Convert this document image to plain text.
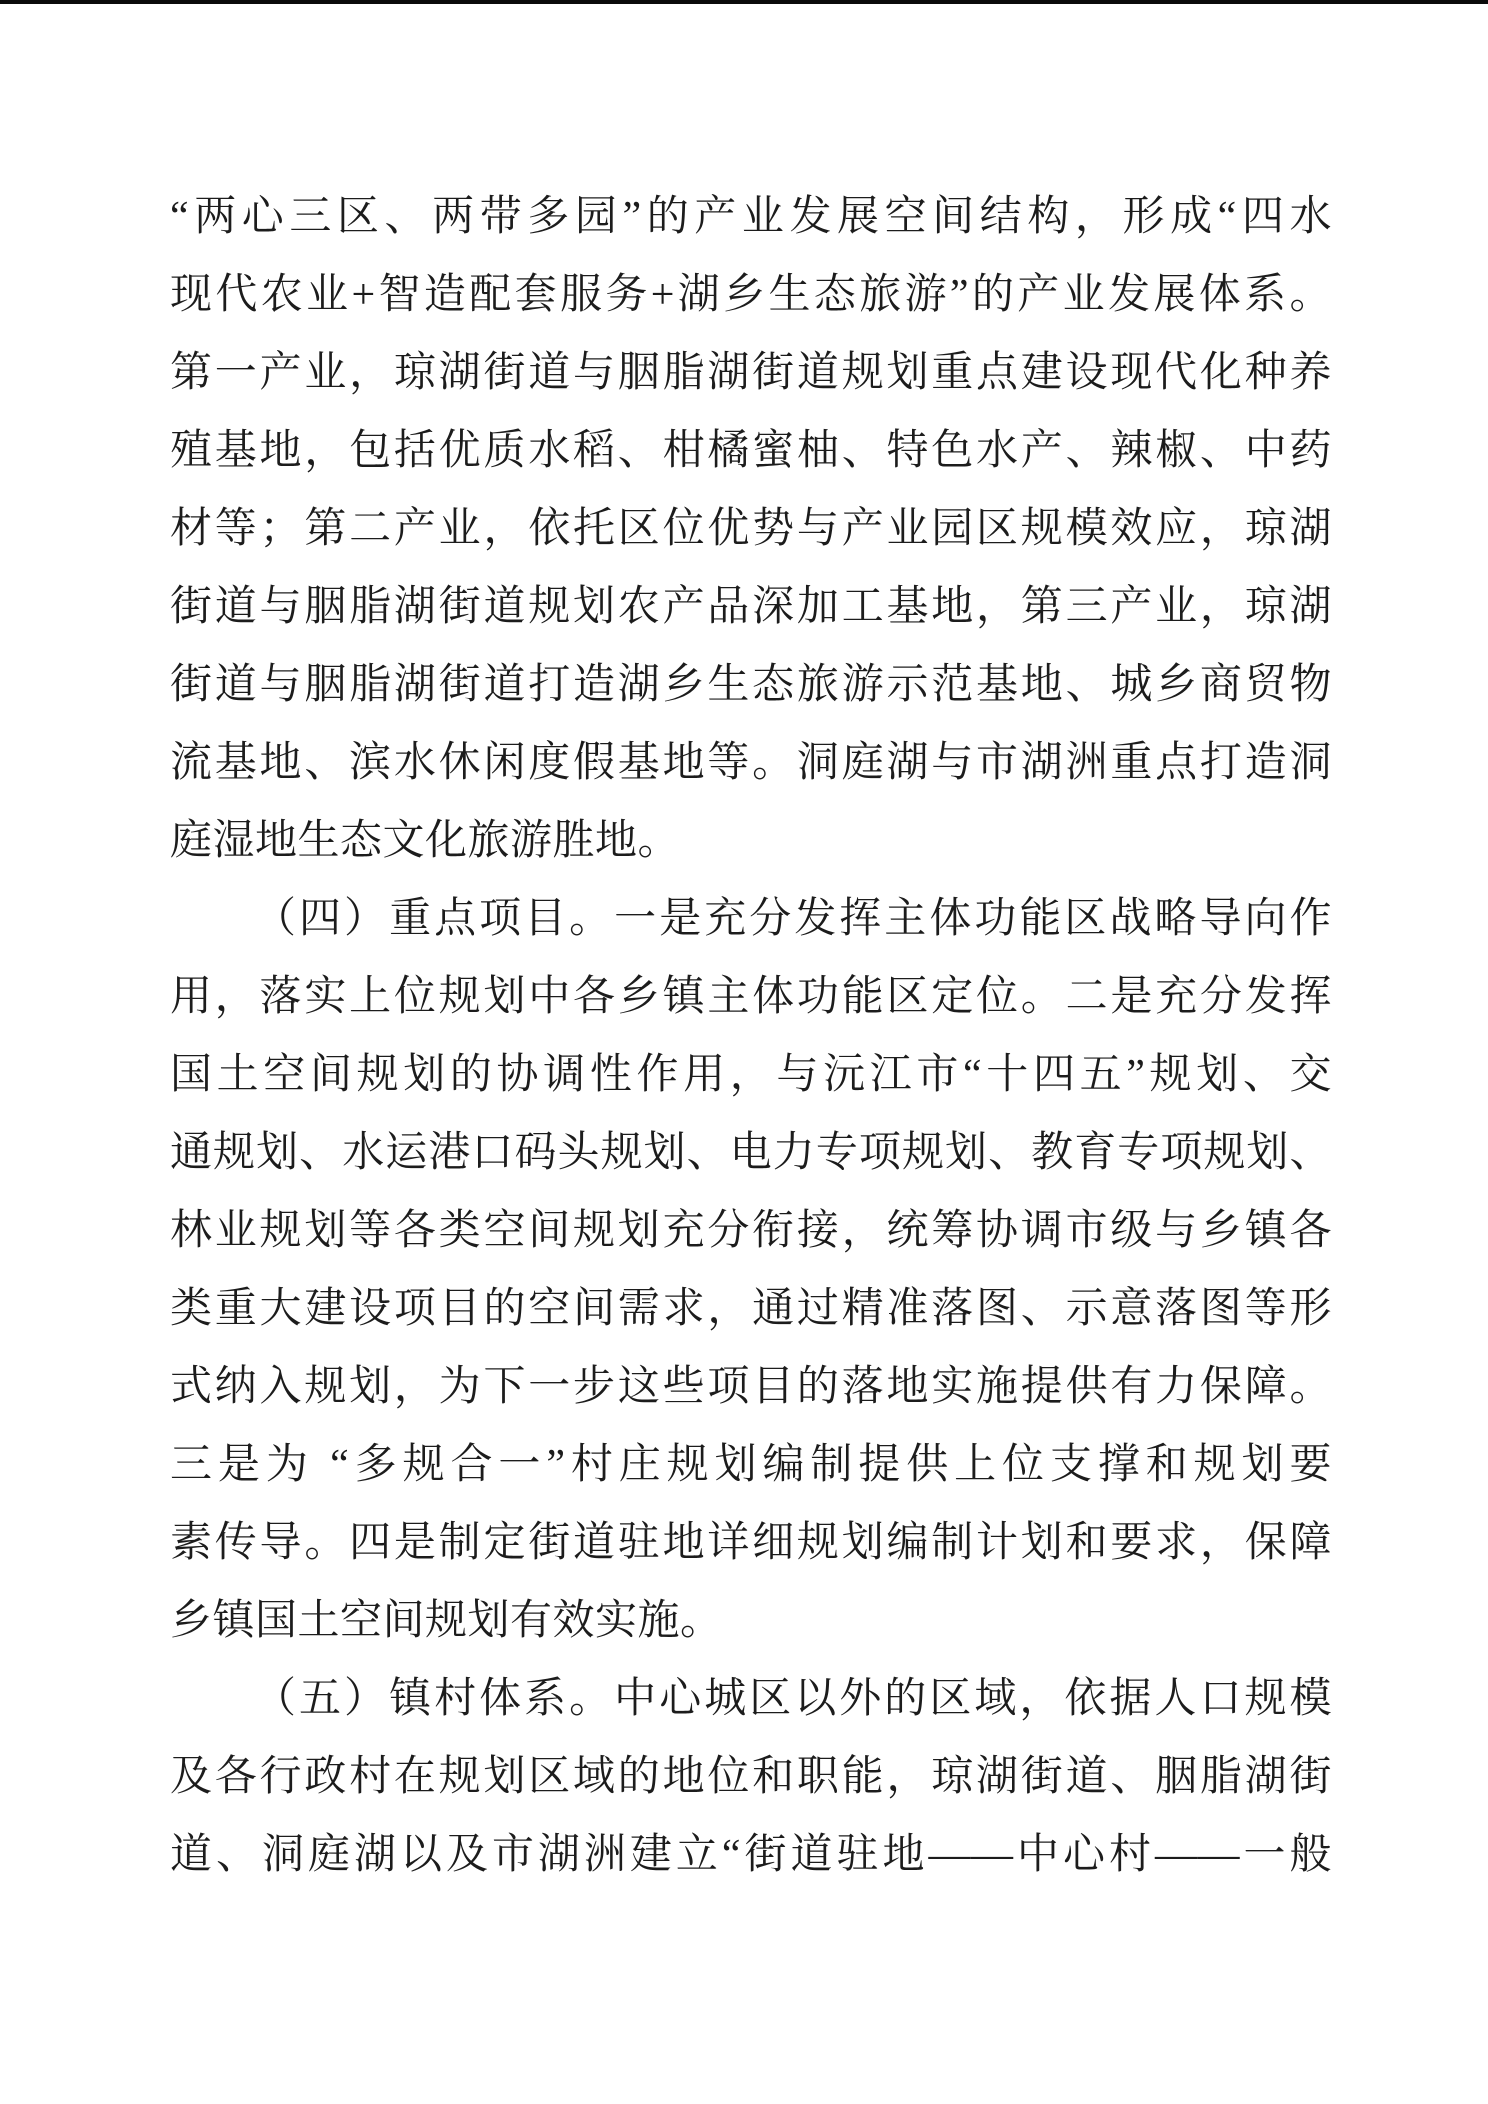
“两心三区、两带多园”的产业发展空间结构，形成“四水
现代农业+智造配套服务+湖乡生态旅游”的产业发展体系。
第一产业，琼湖街道与胭脂湖街道规划重点建设现代化种养
殖基地，包括优质水稻、柑橘蜜柚、特色水产、辣椒、中药
材等；第二产业，依托区位优势与产业园区规模效应，琼湖
街道与胭脂湖街道规划农产品深加工基地，第三产业，琼湖
街道与胭脂湖街道打造湖乡生态旅游示范基地、城乡商贸物
流基地、滨水休闲度假基地等。洞庭湖与市湖洲重点打造洞
庭湿地生态文化旅游胜地。
（四）重点项目。一是充分发挥主体功能区战略导向作
用，落实上位规划中各乡镇主体功能区定位。二是充分发挥
国土空间规划的协调性作用，与沅江市“十四五”规划、交
通规划、水运港口码头规划、电力专项规划、教育专项规划、
林业规划等各类空间规划充分衔接，统筹协调市级与乡镇各
类重大建设项目的空间需求，通过精准落图、示意落图等形
式纳入规划，为下一步这些项目的落地实施提供有力保障。
三是为 “多规合一”村庄规划编制提供上位支撑和规划要
素传导。四是制定街道驻地详细规划编制计划和要求，保障
乡镇国土空间规划有效实施。
（五）镇村体系。中心城区以外的区域，依据人口规模
及各行政村在规划区域的地位和职能，琼湖街道、胭脂湖街
道、洞庭湖以及市湖洲建立“街道驻地——中心村——一般
